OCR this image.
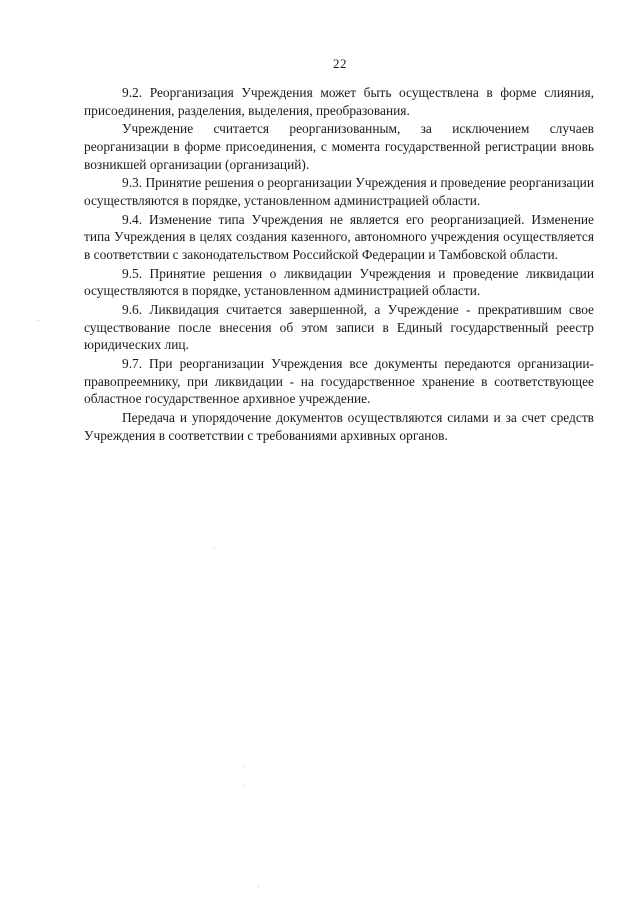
22

9.2. Реорганизация Учреждения может быть осуществлена в форме слияния, присоединения, разделения, выделения, преобразования.

Учреждение считается реорганизованным, за исключением случаев реорганизации в форме присоединения, с момента государственной регистрации вновь возникшей организации (организаций).

9.3. Принятие решения о реорганизации Учреждения и проведение реорганизации осуществляются в порядке, установленном администрацией области.

9.4. Изменение типа Учреждения не является его реорганизацией. Изменение типа Учреждения в целях создания казенного, автономного учреждения осуществляется в соответствии с законодательством Российской Федерации и Тамбовской области.

9.5. Принятие решения о ликвидации Учреждения и проведение ликвидации осуществляются в порядке, установленном администрацией области.

9.6. Ликвидация считается завершенной, а Учреждение - прекратившим свое существование после внесения об этом записи в Единый государственный реестр юридических лиц.

9.7. При реорганизации Учреждения все документы передаются организации-правопреемнику, при ликвидации - на государственное хранение в соответствующее областное государственное архивное учреждение.

Передача и упорядочение документов осуществляются силами и за счет средств Учреждения в соответствии с требованиями архивных органов.
